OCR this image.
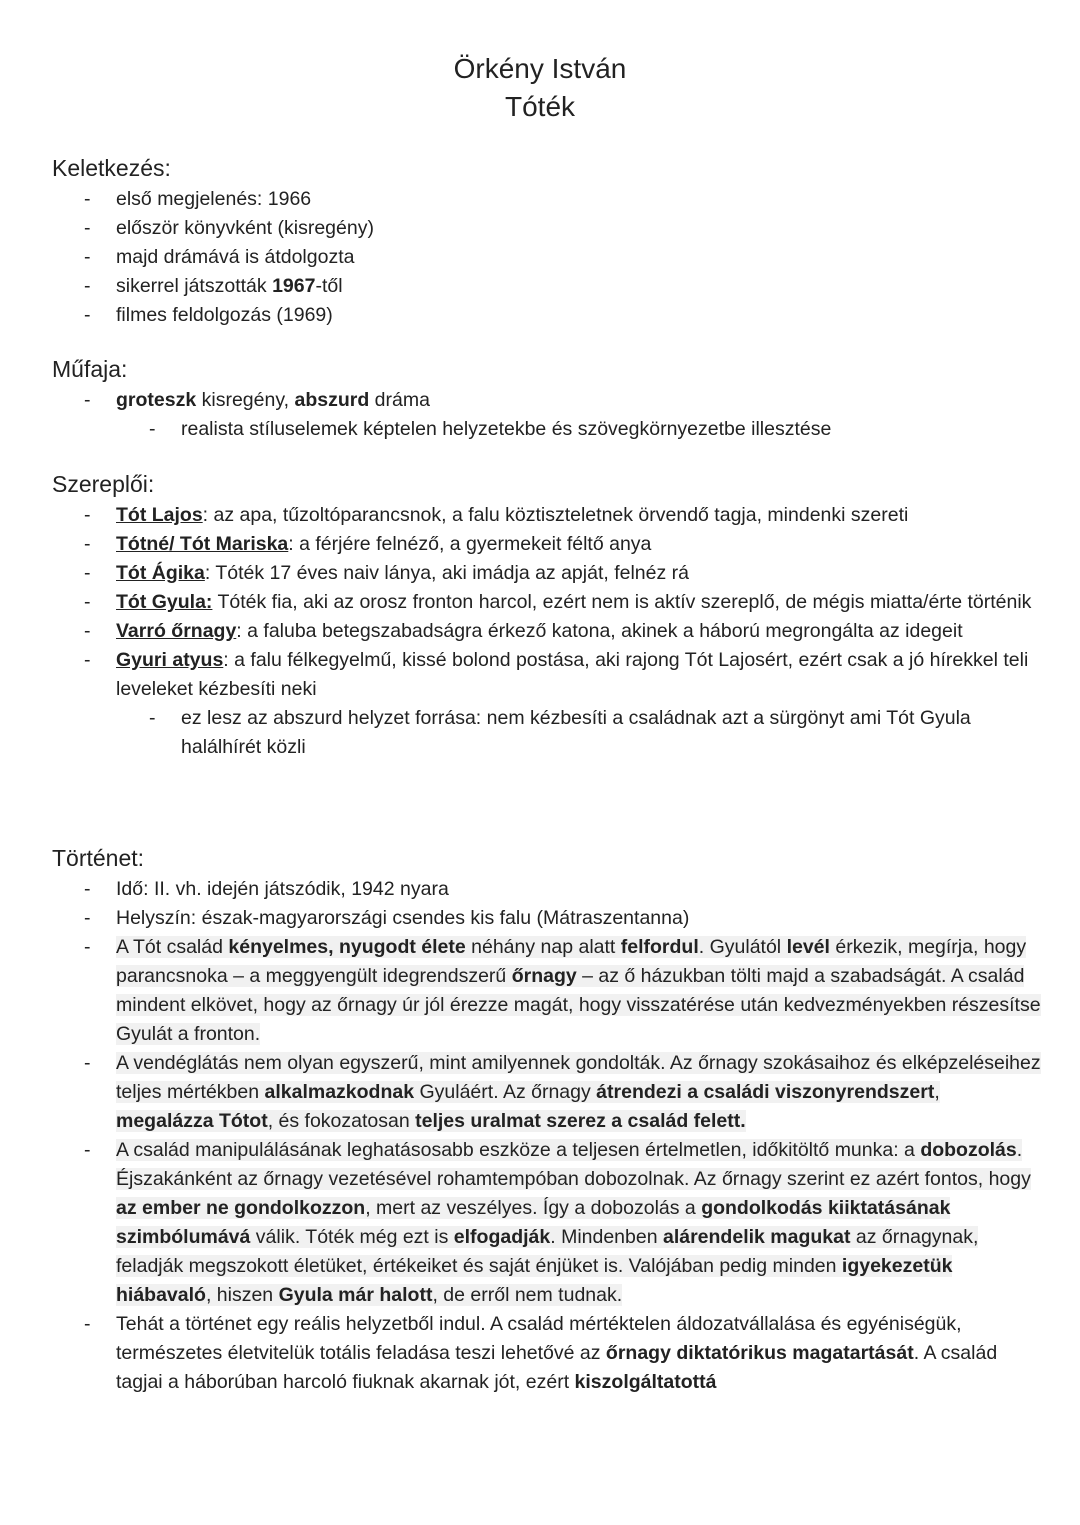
Örkény István
Tóték
Keletkezés:
- első megjelenés: 1966
- először könyvként (kisregény)
- majd drámává is átdolgozta
- sikerrel játszották 1967-től
- filmes feldolgozás (1969)
Műfaja:
- groteszk kisregény, abszurd dráma
- realista stíluselemek képtelen helyzetekbe és szövegkörnyezetbe illesztése
Szereplői:
- Tót Lajos: az apa, tűzoltóparancsnok, a falu köztiszteletnek örvendő tagja, mindenki szereti
- Tótné/ Tót Mariska: a férjére felnéző, a gyermekeit féltő anya
- Tót Ágika: Tóték 17 éves naiv lánya, aki imádja az apját, felnéz rá
- Tót Gyula: Tóték fia, aki az orosz fronton harcol, ezért nem is aktív szereplő, de mégis miatta/érte történik
- Varró őrnagy: a faluba betegszabadságra érkező katona, akinek a háború megrongálta az idegeit
- Gyuri atyus: a falu félkegyelmű, kissé bolond postása, aki rajong Tót Lajosért, ezért csak a jó hírekkel teli leveleket kézbesíti neki
- ez lesz az abszurd helyzet forrása: nem kézbesíti a családnak azt a sürgönyt ami Tót Gyula halálhírét közli
Történet:
- Idő: II. vh. idején játszódik, 1942 nyara
- Helyszín: észak-magyarországi csendes kis falu (Mátraszentanna)
- A Tót család kényelmes, nyugodt élete néhány nap alatt felfordul. Gyulától levél érkezik, megírja, hogy parancsnoka – a meggyengült idegrendszerű őrnagy – az ő házukban tölti majd a szabadságát. A család mindent elkövet, hogy az őrnagy úr jól érezze magát, hogy visszatérése után kedvezményekben részesítse Gyulát a fronton.
- A vendéglátás nem olyan egyszerű, mint amilyennek gondolták. Az őrnagy szokásaihoz és elképzeléseihez teljes mértékben alkalmazkodnak Gyuláért. Az őrnagy átrendezi a családi viszonyrendszert, megalázza Tótot, és fokozatosan teljes uralmat szerez a család felett.
- A család manipulálásának leghatásosabb eszköze a teljesen értelmetlen, időkitöltő munka: a dobozolás. Éjszakánként az őrnagy vezetésével rohamtempóban dobozolnak. Az őrnagy szerint ez azért fontos, hogy az ember ne gondolkozzon, mert az veszélyes. Így a dobozolás a gondolkodás kiiktatásának szimbólumává válik. Tóték még ezt is elfogadják. Mindenben alárendelik magukat az őrnagynak, feladják megszokott életüket, értékeiket és saját énjüket is. Valójában pedig minden igyekezetük hiábavaló, hiszen Gyula már halott, de erről nem tudnak.
- Tehát a történet egy reális helyzetből indul. A család mértéktelen áldozatvállalása és egyéniségük, természetes életvitelük totális feladása teszi lehetővé az őrnagy diktatórikus magatartását. A család tagjai a háborúban harcoló fiuknak akarnak jót, ezért kiszolgáltatottá
